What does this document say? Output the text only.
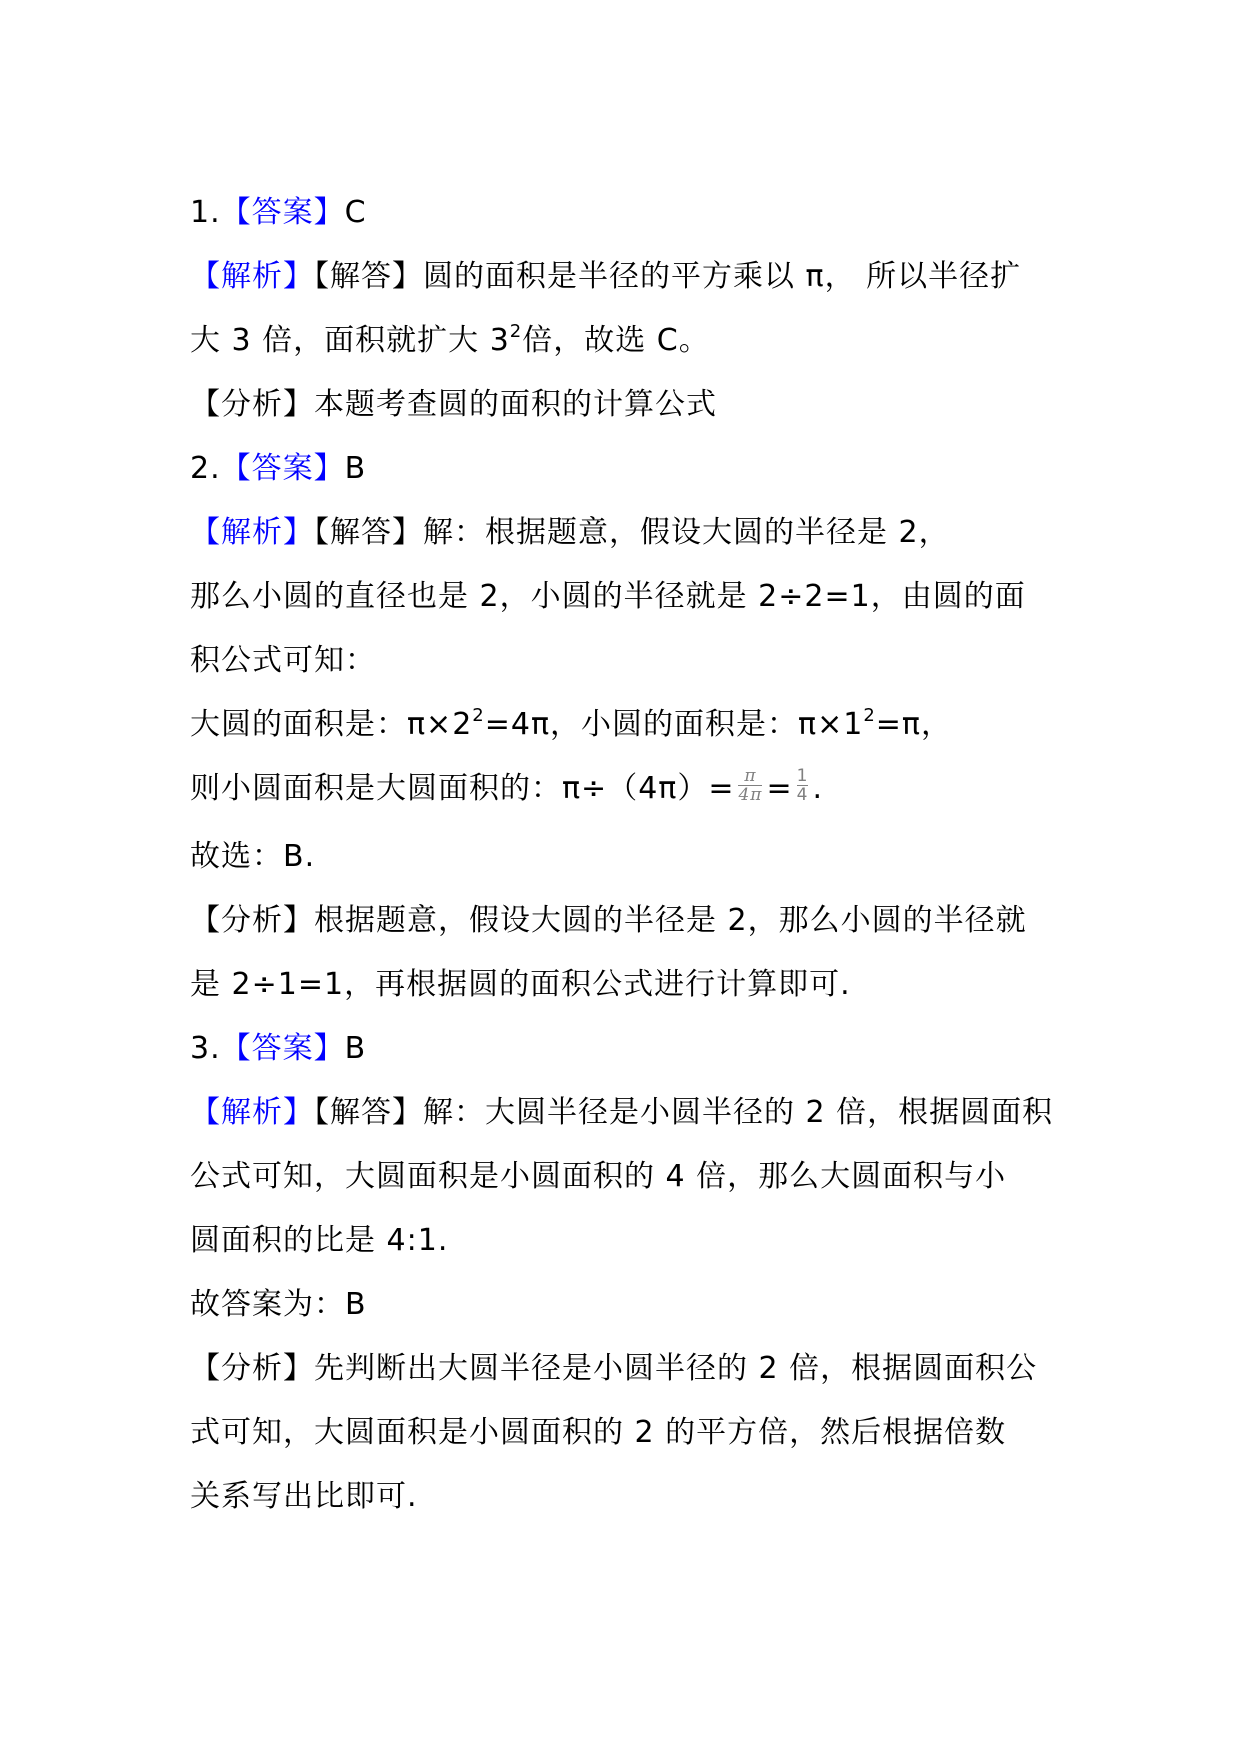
1.【答案】C
【解析】【解答】圆的面积是半径的平方乘以 π， 所以半径扩
大 3 倍，面积就扩大 $3^2$倍，故选 C。
【分析】本题考查圆的面积的计算公式
2.【答案】B
【解析】【解答】解：根据题意，假设大圆的半径是 2，
那么小圆的直径也是 2，小圆的半径就是 2÷2=1，由圆的面
积公式可知：
大圆的面积是：$\pi\times 2^2=4\pi$，小圆的面积是：$\pi\times 1^2=\pi$，
则小圆面积是大圆面积的：$\pi\div(4\pi)= \frac{\pi}{4\pi} = \frac{1}{4}$ .
故选：B.
【分析】根据题意，假设大圆的半径是 2，那么小圆的半径就
是 2÷1=1，再根据圆的面积公式进行计算即可.
3.【答案】B
【解析】【解答】解：大圆半径是小圆半径的 2 倍，根据圆面积
公式可知，大圆面积是小圆面积的 4 倍，那么大圆面积与小
圆面积的比是 4:1.
故答案为：B
【分析】先判断出大圆半径是小圆半径的 2 倍，根据圆面积公
式可知，大圆面积是小圆面积的 2 的平方倍，然后根据倍数
关系写出比即可.
